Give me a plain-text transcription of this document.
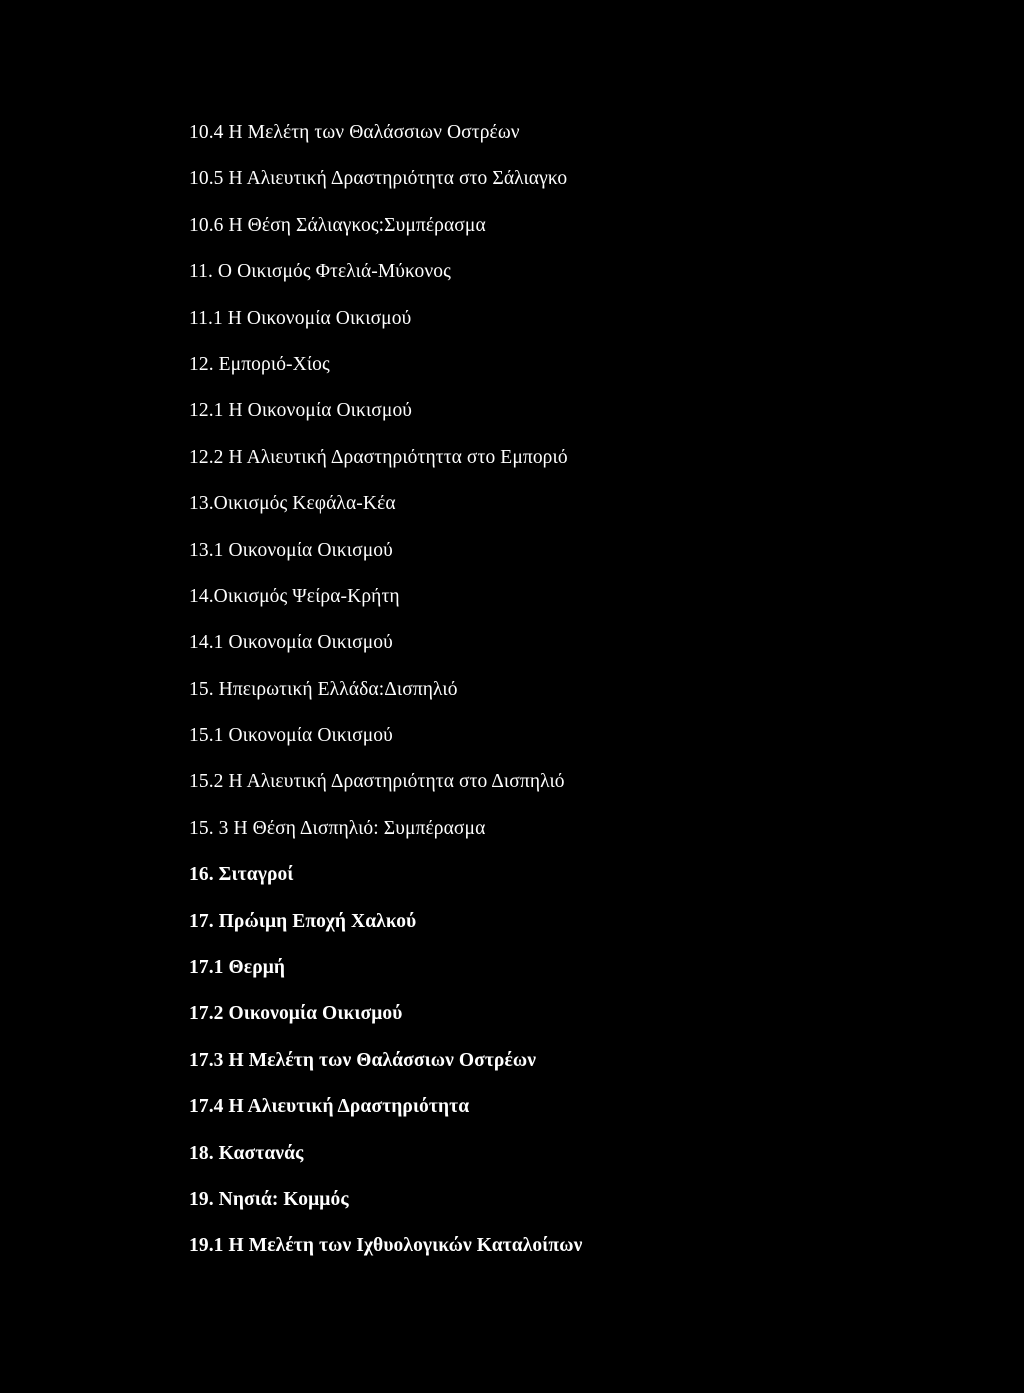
10.4 Η Μελέτη των Θαλάσσιων Οστρέων
10.5 Η Αλιευτική Δραστηριότητα στο Σάλιαγκο
10.6 Η Θέση Σάλιαγκος:Συμπέρασμα
11. Ο Οικισμός Φτελιά-Μύκονος
11.1 Η Οικονομία Οικισμού
12. Εμποριό-Χίος
12.1 Η Οικονομία Οικισμού
12.2 Η Αλιευτική Δραστηριότηττα στο Εμποριό
13.Οικισμός Κεφάλα-Κέα
13.1 Οικονομία Οικισμού
14.Οικισμός Ψείρα-Κρήτη
14.1 Οικονομία Οικισμού
15. Ηπειρωτική Ελλάδα:Δισπηλιό
15.1 Οικονομία Οικισμού
15.2 Η Αλιευτική Δραστηριότητα στο Δισπηλιό
15. 3 Η Θέση Δισπηλιό: Συμπέρασμα
16. Σιταγροί
17. Πρώιμη Εποχή Χαλκού
17.1 Θερμή
17.2 Οικονομία Οικισμού
17.3 Η Μελέτη των Θαλάσσιων Οστρέων
17.4 Η Αλιευτική Δραστηριότητα
18. Καστανάς
19. Νησιά: Κομμός
19.1 Η Μελέτη των Ιχθυολογικών Καταλοίπων
